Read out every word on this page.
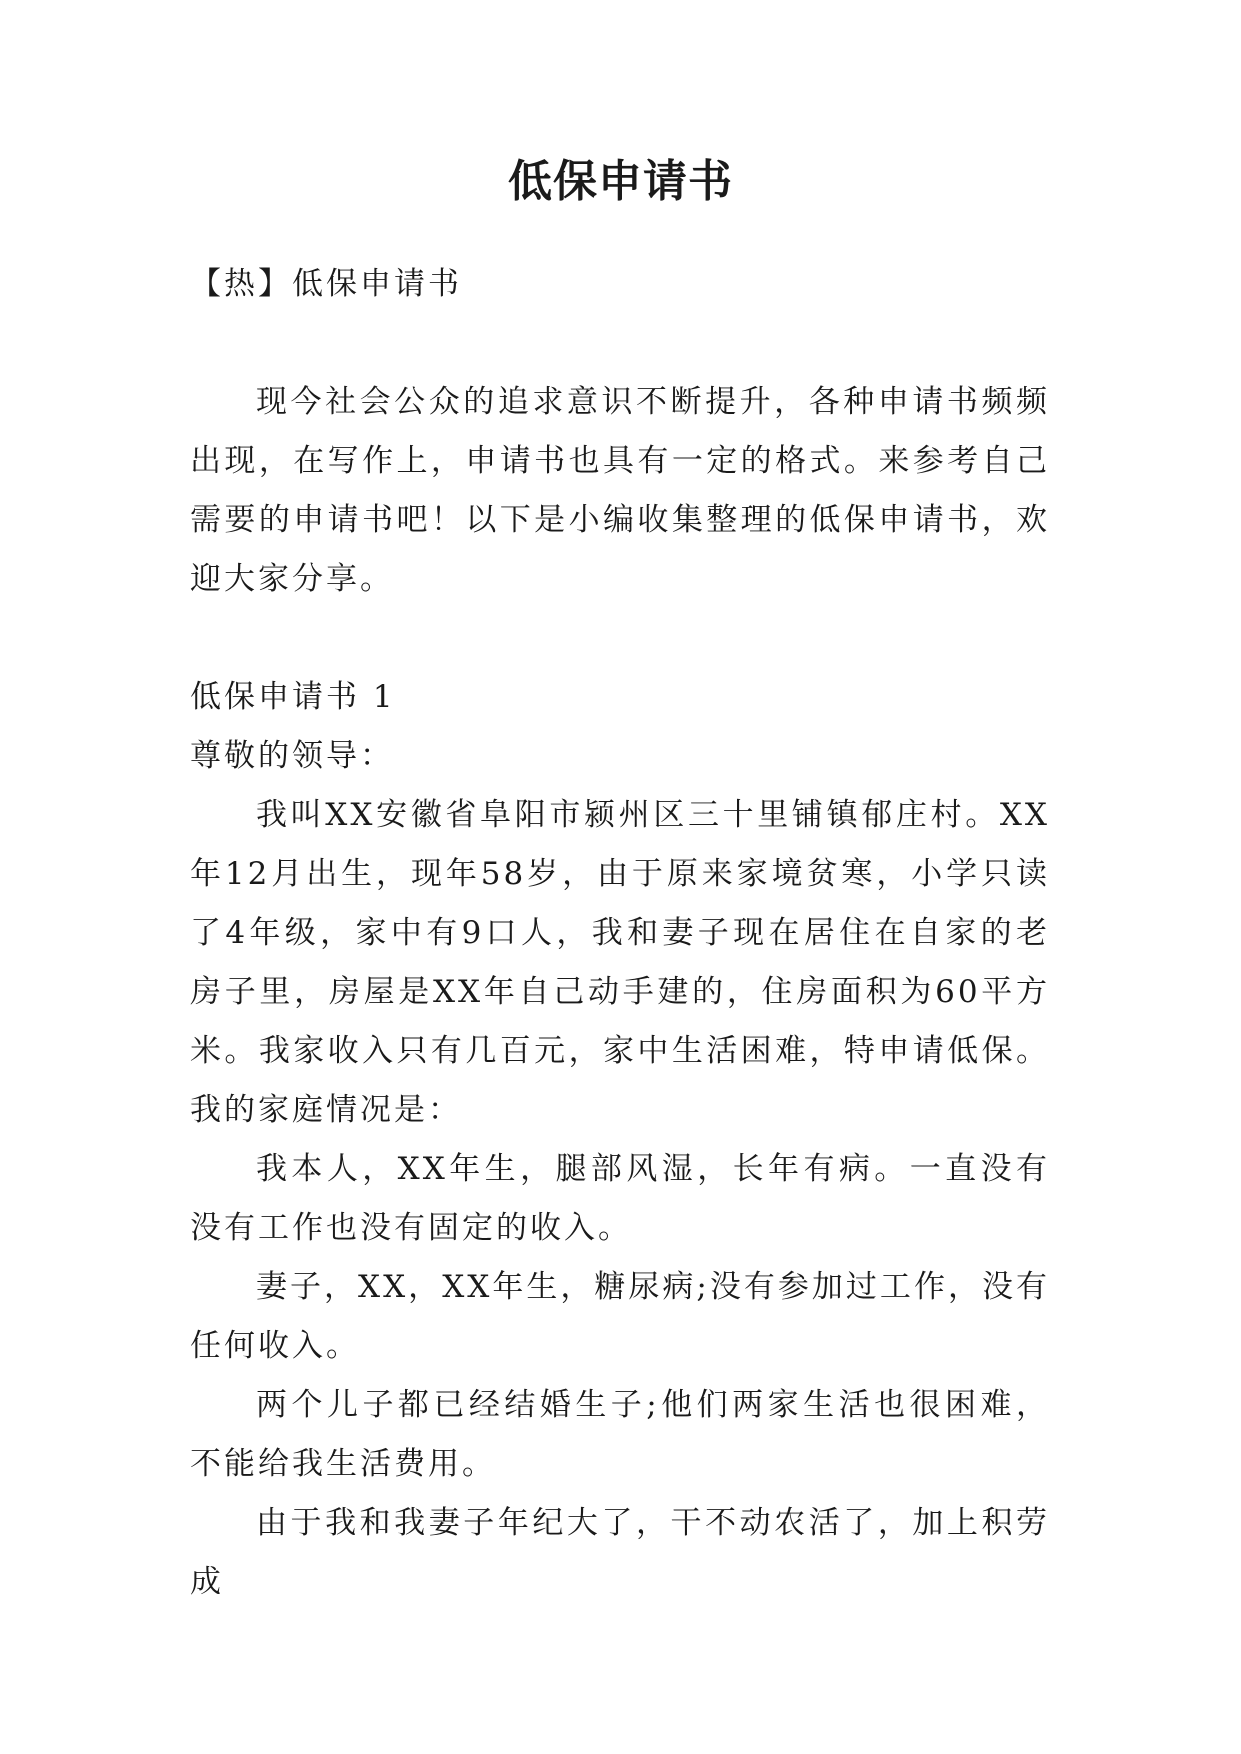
低保申请书

【热】低保申请书

现今社会公众的追求意识不断提升，各种申请书频频出现，在写作上，申请书也具有一定的格式。来参考自己需要的申请书吧！以下是小编收集整理的低保申请书，欢迎大家分享。

低保申请书 1

尊敬的领导：

我叫XX安徽省阜阳市颍州区三十里铺镇郁庄村。XX年12月出生，现年58岁，由于原来家境贫寒，小学只读了4年级，家中有9口人，我和妻子现在居住在自家的老房子里，房屋是XX年自己动手建的，住房面积为60平方米。我家收入只有几百元，家中生活困难，特申请低保。我的家庭情况是：

我本人，XX年生，腿部风湿，长年有病。一直没有没有工作也没有固定的收入。

妻子，XX，XX年生，糖尿病;没有参加过工作，没有任何收入。

两个儿子都已经结婚生子;他们两家生活也很困难，不能给我生活费用。

由于我和我妻子年纪大了，干不动农活了，加上积劳成
